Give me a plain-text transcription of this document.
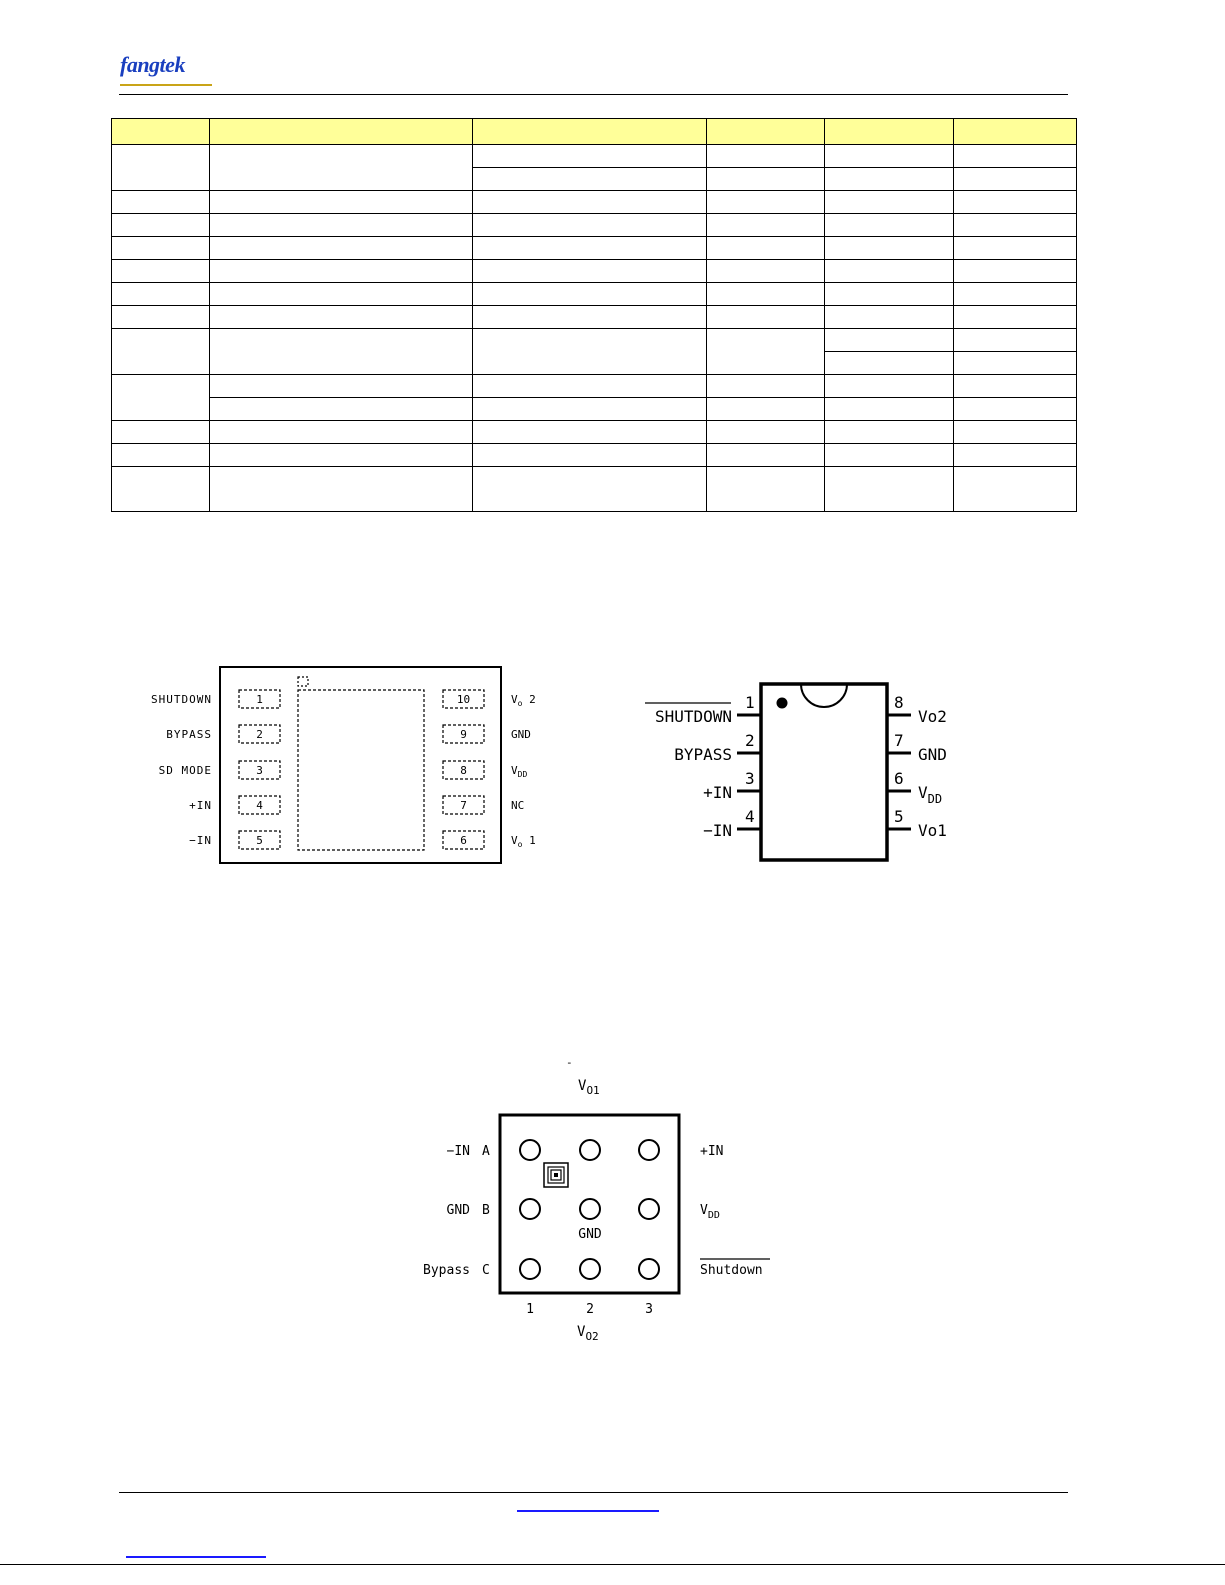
fangtek

1
SHUTDOWN
2
BYPASS
3
SD MODE
4
+IN
5
−IN
10	$V_o$ 2
9	GND
8	$V_{DD}$
7	NC
6	$V_o$ 1
1
2
3
4
SHUTDOWN
BYPASS
+IN
−IN
8
7
6
5
Vo2
GND
$V_{DD}$
Vo1
-
$V_{O1}$
GND
A
B
C
−IN
GND
Bypass
+IN
$V_{DD}$
Shutdown
1	2	3
$V_{O2}$
